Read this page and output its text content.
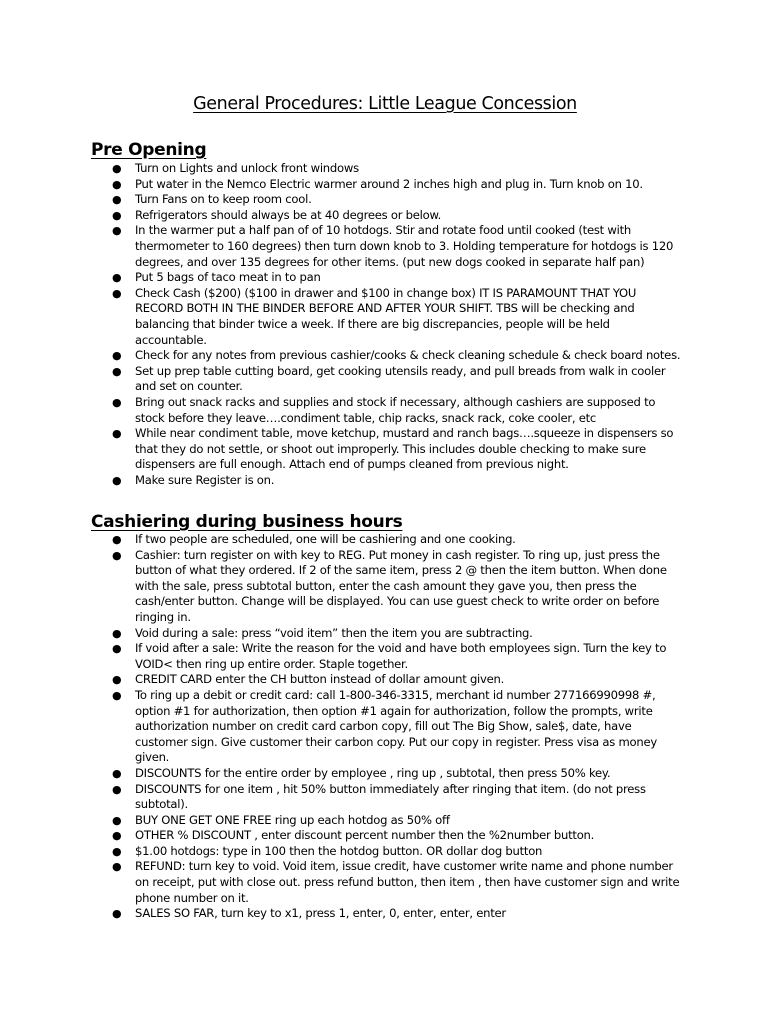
General Procedures: Little League Concession
Pre Opening
● Turn on Lights and unlock front windows
● Put water in the Nemco Electric warmer around 2 inches high and plug in. Turn knob on 10.
● Turn Fans on to keep room cool.
● Refrigerators should always be at 40 degrees or below.
● In the warmer put a half pan of of 10 hotdogs. Stir and rotate food until cooked (test with thermometer to 160 degrees) then turn down knob to 3. Holding temperature for hotdogs is 120 degrees, and over 135 degrees for other items. (put new dogs cooked in separate half pan)
● Put 5 bags of taco meat in to pan
● Check Cash ($200) ($100 in drawer and $100 in change box) IT IS PARAMOUNT THAT YOU RECORD BOTH IN THE BINDER BEFORE AND AFTER YOUR SHIFT. TBS will be checking and balancing that binder twice a week. If there are big discrepancies, people will be held accountable.
● Check for any notes from previous cashier/cooks & check cleaning schedule & check board notes.
● Set up prep table cutting board, get cooking utensils ready, and pull breads from walk in cooler and set on counter.
● Bring out snack racks and supplies and stock if necessary, although cashiers are supposed to stock before they leave….condiment table, chip racks, snack rack, coke cooler, etc
● While near condiment table, move ketchup, mustard and ranch bags….squeeze in dispensers so that they do not settle, or shoot out improperly. This includes double checking to make sure dispensers are full enough. Attach end of pumps cleaned from previous night.
● Make sure Register is on.
Cashiering during business hours
● If two people are scheduled, one will be cashiering and one cooking.
● Cashier: turn register on with key to REG. Put money in cash register. To ring up, just press the button of what they ordered. If 2 of the same item, press 2 @ then the item button. When done with the sale, press subtotal button, enter the cash amount they gave you, then press the cash/enter button. Change will be displayed. You can use guest check to write order on before ringing in.
● Void during a sale: press “void item” then the item you are subtracting.
● If void after a sale: Write the reason for the void and have both employees sign. Turn the key to VOID< then ring up entire order. Staple together.
● CREDIT CARD enter the CH button instead of dollar amount given.
● To ring up a debit or credit card: call 1-800-346-3315, merchant id number 277166990998 #, option #1 for authorization, then option #1 again for authorization, follow the prompts, write authorization number on credit card carbon copy, fill out The Big Show, sale$, date, have customer sign. Give customer their carbon copy. Put our copy in register. Press visa as money given.
● DISCOUNTS for the entire order by employee , ring up , subtotal, then press 50% key.
● DISCOUNTS for one item , hit 50% button immediately after ringing that item. (do not press subtotal).
● BUY ONE GET ONE FREE ring up each hotdog as 50% off
● OTHER % DISCOUNT , enter discount percent number then the %2number button.
● $1.00 hotdogs: type in 100 then the hotdog button. OR dollar dog button
● REFUND: turn key to void. Void item, issue credit, have customer write name and phone number on receipt, put with close out. press refund button, then item , then have customer sign and write phone number on it.
● SALES SO FAR, turn key to x1, press 1, enter, 0, enter, enter, enter
